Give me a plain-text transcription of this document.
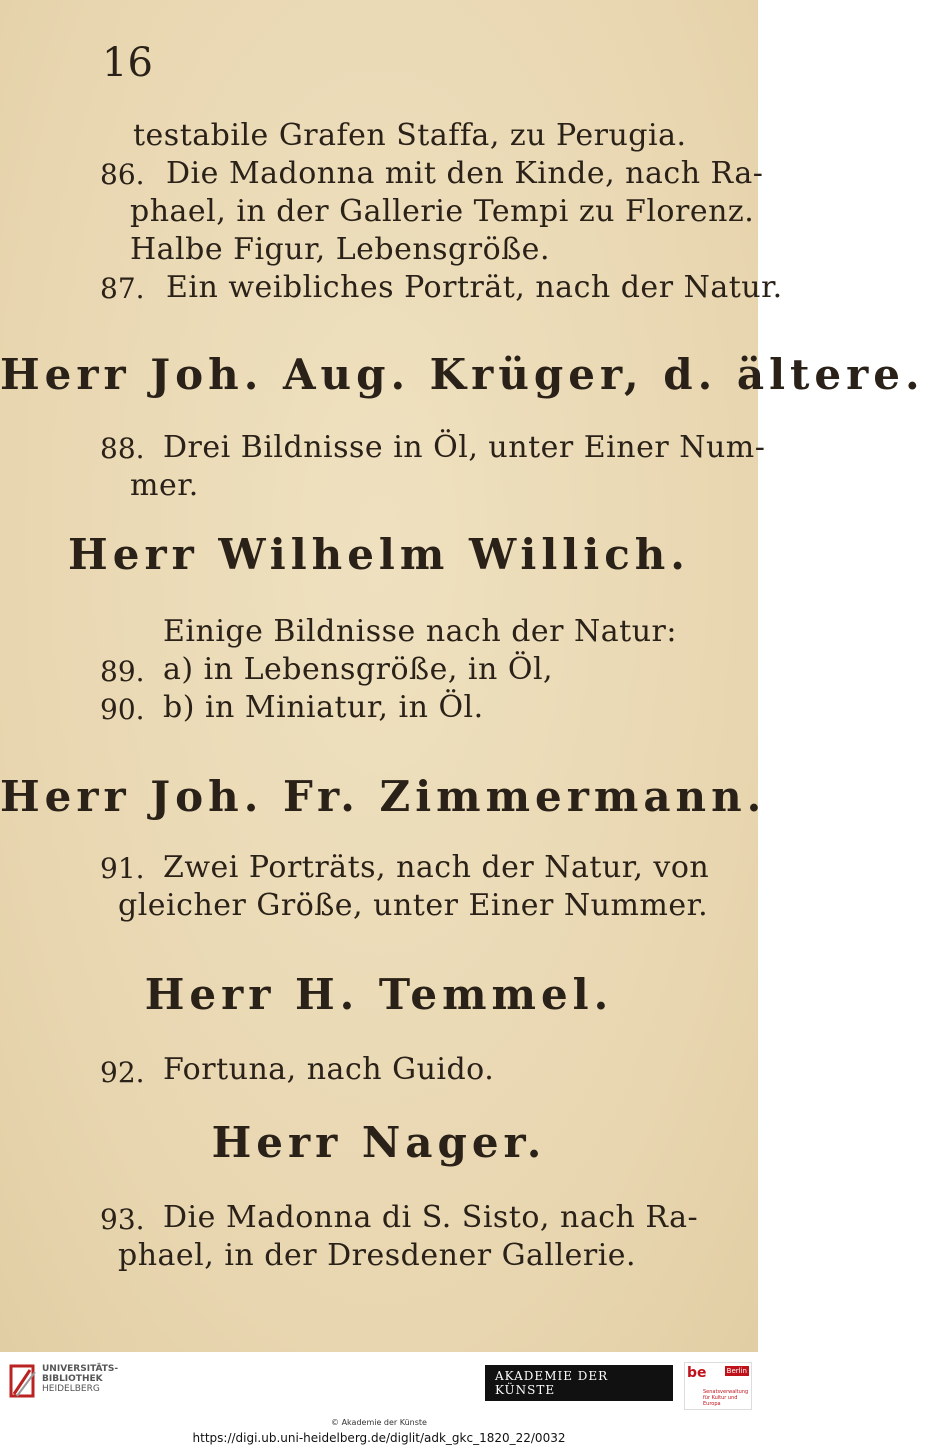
16
testabile Grafen Staffa, zu Perugia.
86. Die Madonna mit den Kinde, nach Ra-
phael, in der Gallerie Tempi zu Florenz.
Halbe Figur, Lebensgröße.
87. Ein weibliches Porträt, nach der Natur.
Herr Joh. Aug. Krüger, d. ältere.
88. Drei Bildnisse in Öl, unter Einer Num-
mer.
Herr Wilhelm Willich.
Einige Bildnisse nach der Natur:
89. a) in Lebensgröße, in Öl,
90. b) in Miniatur, in Öl.
Herr Joh. Fr. Zimmermann.
91. Zwei Porträts, nach der Natur, von
gleicher Größe, unter Einer Nummer.
Herr H. Temmel.
92. Fortuna, nach Guido.
Herr Nager.
93. Die Madonna di S. Sisto, nach Ra-
phael, in der Dresdener Gallerie.
UNIVERSITÄTS-
BIBLIOTHEK
HEIDELBERG
AKADEMIE DER KÜNSTE
be	Berlin
Senatsverwaltung
für Kultur und Europa
© Akademie der Künste
https://digi.ub.uni-heidelberg.de/diglit/adk_gkc_1820_22/0032
